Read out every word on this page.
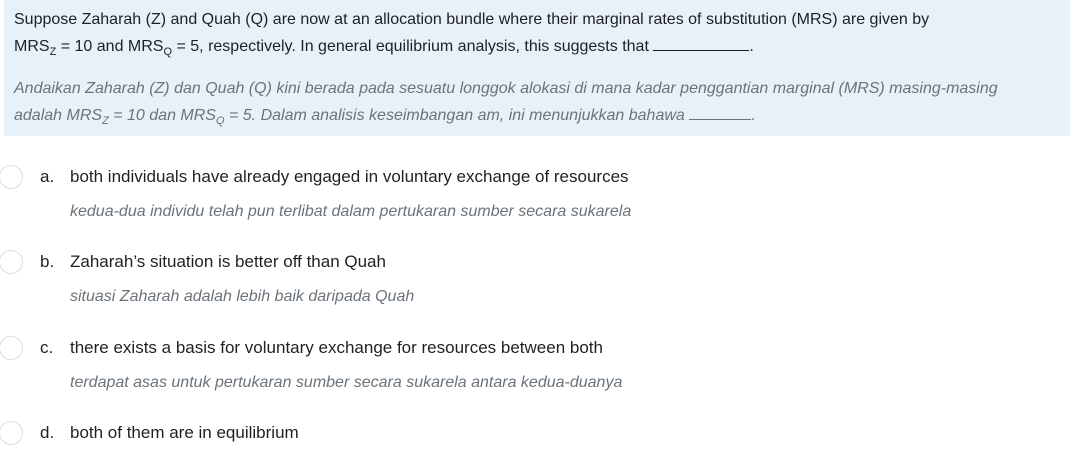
Suppose Zaharah (Z) and Quah (Q) are now at an allocation bundle where their marginal rates of substitution (MRS) are given by
$MRS_Z = 10$ and $MRS_Q = 5$, respectively. In general equilibrium analysis, this suggests that	.
Andaikan Zaharah (Z) dan Quah (Q) kini berada pada sesuatu longgok alokasi di mana kadar penggantian marginal (MRS) masing-masing
adalah $MRS_Z = 10$ dan $MRS_Q = 5$. Dalam analisis keseimbangan am, ini menunjukkan bahawa	.
a. both individuals have already engaged in voluntary exchange of resources
kedua-dua individu telah pun terlibat dalam pertukaran sumber secara sukarela
b. Zaharah’s situation is better off than Quah
situasi Zaharah adalah lebih baik daripada Quah
c. there exists a basis for voluntary exchange for resources between both
terdapat asas untuk pertukaran sumber secara sukarela antara kedua-duanya
d. both of them are in equilibrium
